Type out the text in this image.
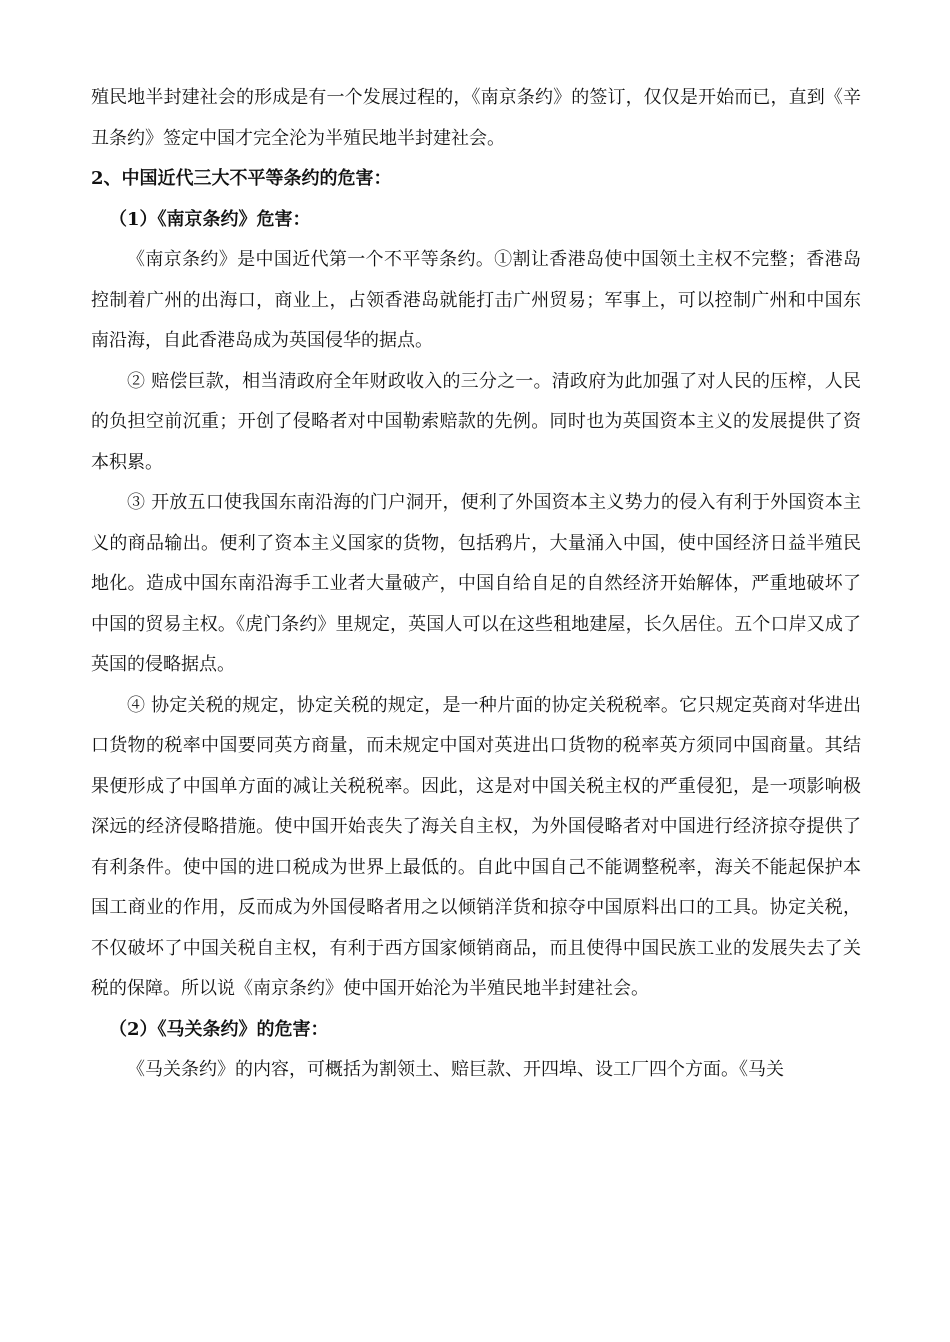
殖民地半封建社会的形成是有一个发展过程的，《南京条约》的签订，仅仅是开始而已，直到《辛丑条约》签定中国才完全沦为半殖民地半封建社会。

2、中国近代三大不平等条约的危害：

（1）《南京条约》危害：

《南京条约》是中国近代第一个不平等条约。①割让香港岛使中国领土主权不完整；香港岛控制着广州的出海口，商业上，占领香港岛就能打击广州贸易；军事上，可以控制广州和中国东南沿海，自此香港岛成为英国侵华的据点。

② 赔偿巨款，相当清政府全年财政收入的三分之一。清政府为此加强了对人民的压榨，人民的负担空前沉重；开创了侵略者对中国勒索赔款的先例。同时也为英国资本主义的发展提供了资本积累。

③ 开放五口使我国东南沿海的门户洞开，便利了外国资本主义势力的侵入有利于外国资本主义的商品输出。便利了资本主义国家的货物，包括鸦片，大量涌入中国，使中国经济日益半殖民地化。造成中国东南沿海手工业者大量破产，中国自给自足的自然经济开始解体，严重地破坏了中国的贸易主权。《虎门条约》里规定，英国人可以在这些租地建屋，长久居住。五个口岸又成了英国的侵略据点。

④ 协定关税的规定，协定关税的规定，是一种片面的协定关税税率。它只规定英商对华进出口货物的税率中国要同英方商量，而未规定中国对英进出口货物的税率英方须同中国商量。其结果便形成了中国单方面的减让关税税率。因此，这是对中国关税主权的严重侵犯，是一项影响极深远的经济侵略措施。使中国开始丧失了海关自主权，为外国侵略者对中国进行经济掠夺提供了有利条件。使中国的进口税成为世界上最低的。自此中国自己不能调整税率，海关不能起保护本国工商业的作用，反而成为外国侵略者用之以倾销洋货和掠夺中国原料出口的工具。协定关税，不仅破坏了中国关税自主权，有利于西方国家倾销商品，而且使得中国民族工业的发展失去了关税的保障。所以说《南京条约》使中国开始沦为半殖民地半封建社会。

（2）《马关条约》的危害：

《马关条约》的内容，可概括为割领土、赔巨款、开四埠、设工厂四个方面。《马关
